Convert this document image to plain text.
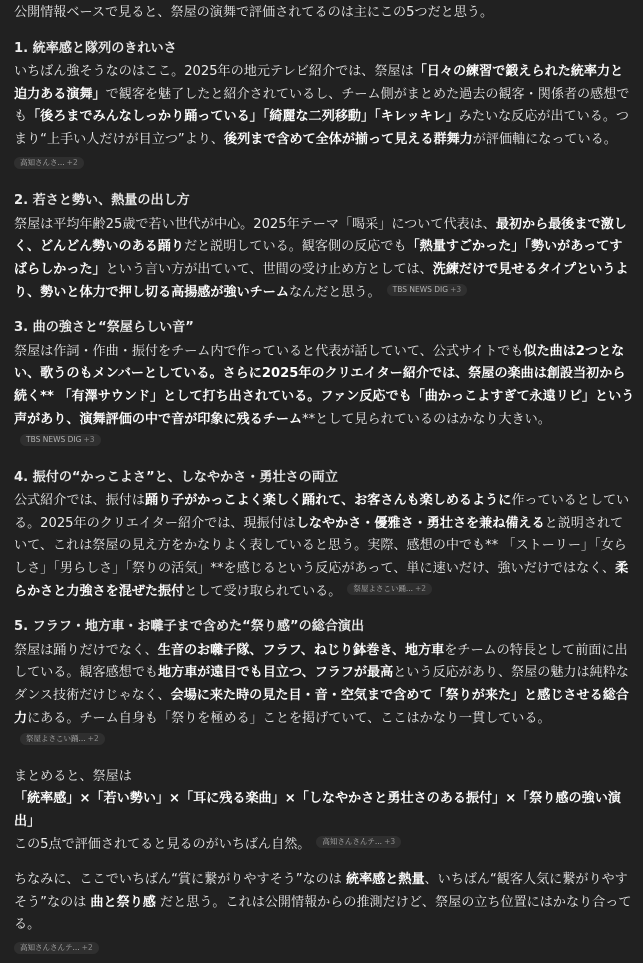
公開情報ベースで見ると、祭屋の演舞で評価されてるのは主にこの5つだと思う。

1. 統率感と隊列のきれいさ

いちばん強そうなのはここ。2025年の地元テレビ紹介では、祭屋は「日々の練習で鍛えられた統率力と迫力ある演舞」で観客を魅了したと紹介されているし、チーム側がまとめた過去の観客・関係者の感想でも「後ろまでみんなしっかり踊っている」「綺麗な二列移動」「キレッキレ」みたいな反応が出ている。つまり“上手い人だけが目立つ”より、後列まで含めて全体が揃って見える群舞力が評価軸になっている。

高知さんさ... +2
2. 若さと勢い、熱量の出し方

祭屋は平均年齢25歳で若い世代が中心。2025年テーマ「喝采」について代表は、最初から最後まで激しく、どんどん勢いのある踊りだと説明している。観客側の反応でも「熱量すごかった」「勢いがあってすばらしかった」という言い方が出ていて、世間の受け止め方としては、洗練だけで見せるタイプというより、勢いと体力で押し切る高揚感が強いチームなんだと思う。 TBS NEWS DIG +3

3. 曲の強さと“祭屋らしい音”

祭屋は作詞・作曲・振付をチーム内で作っていると代表が話していて、公式サイトでも似た曲は2つとない、歌うのもメンバーとしている。さらに2025年のクリエイター紹介では、祭屋の楽曲は創設当初から続く** 「有澤サウンド」として打ち出されている。ファン反応でも「曲かっこよすぎて永遠リピ」という声があり、演舞評価の中で音が印象に残るチーム**として見られているのはかなり大きい。TBS NEWS DIG +3

4. 振付の“かっこよさ”と、しなやかさ・勇壮さの両立

公式紹介では、振付は踊り子がかっこよく楽しく踊れて、お客さんも楽しめるように作っているとしている。2025年のクリエイター紹介では、現振付はしなやかさ・優雅さ・勇壮さを兼ね備えると説明されていて、これは祭屋の見え方をかなりよく表していると思う。実際、感想の中でも** 「ストーリー」「女らしさ」「男らしさ」「祭りの活気」**を感じるという反応があって、単に速いだけ、強いだけではなく、柔らかさと力強さを混ぜた振付として受け取られている。 祭屋よさこい踊... +2

5. フラフ・地方車・お囃子まで含めた“祭り感”の総合演出

祭屋は踊りだけでなく、生音のお囃子隊、フラフ、ねじり鉢巻き、地方車をチームの特長として前面に出している。観客感想でも地方車が遠目でも目立つ、フラフが最高という反応があり、祭屋の魅力は純粋なダンス技術だけじゃなく、会場に来た時の見た目・音・空気まで含めて「祭りが来た」と感じさせる総合力にある。チーム自身も「祭りを極める」ことを掲げていて、ここはかなり一貫している。祭屋よさこい踊... +2

まとめると、祭屋は

「統率感」×「若い勢い」×「耳に残る楽曲」×「しなやかさと勇壮さのある振付」×「祭り感の強い演出」

この5点で評価されてると見るのがいちばん自然。 高知さんさんテ... +3

ちなみに、ここでいちばん“賞に繋がりやすそう”なのは 統率感と熱量、いちばん“観客人気に繋がりやすそう”なのは 曲と祭り感 だと思う。これは公開情報からの推測だけど、祭屋の立ち位置にはかなり合ってる。

高知さんさんテ... +2
